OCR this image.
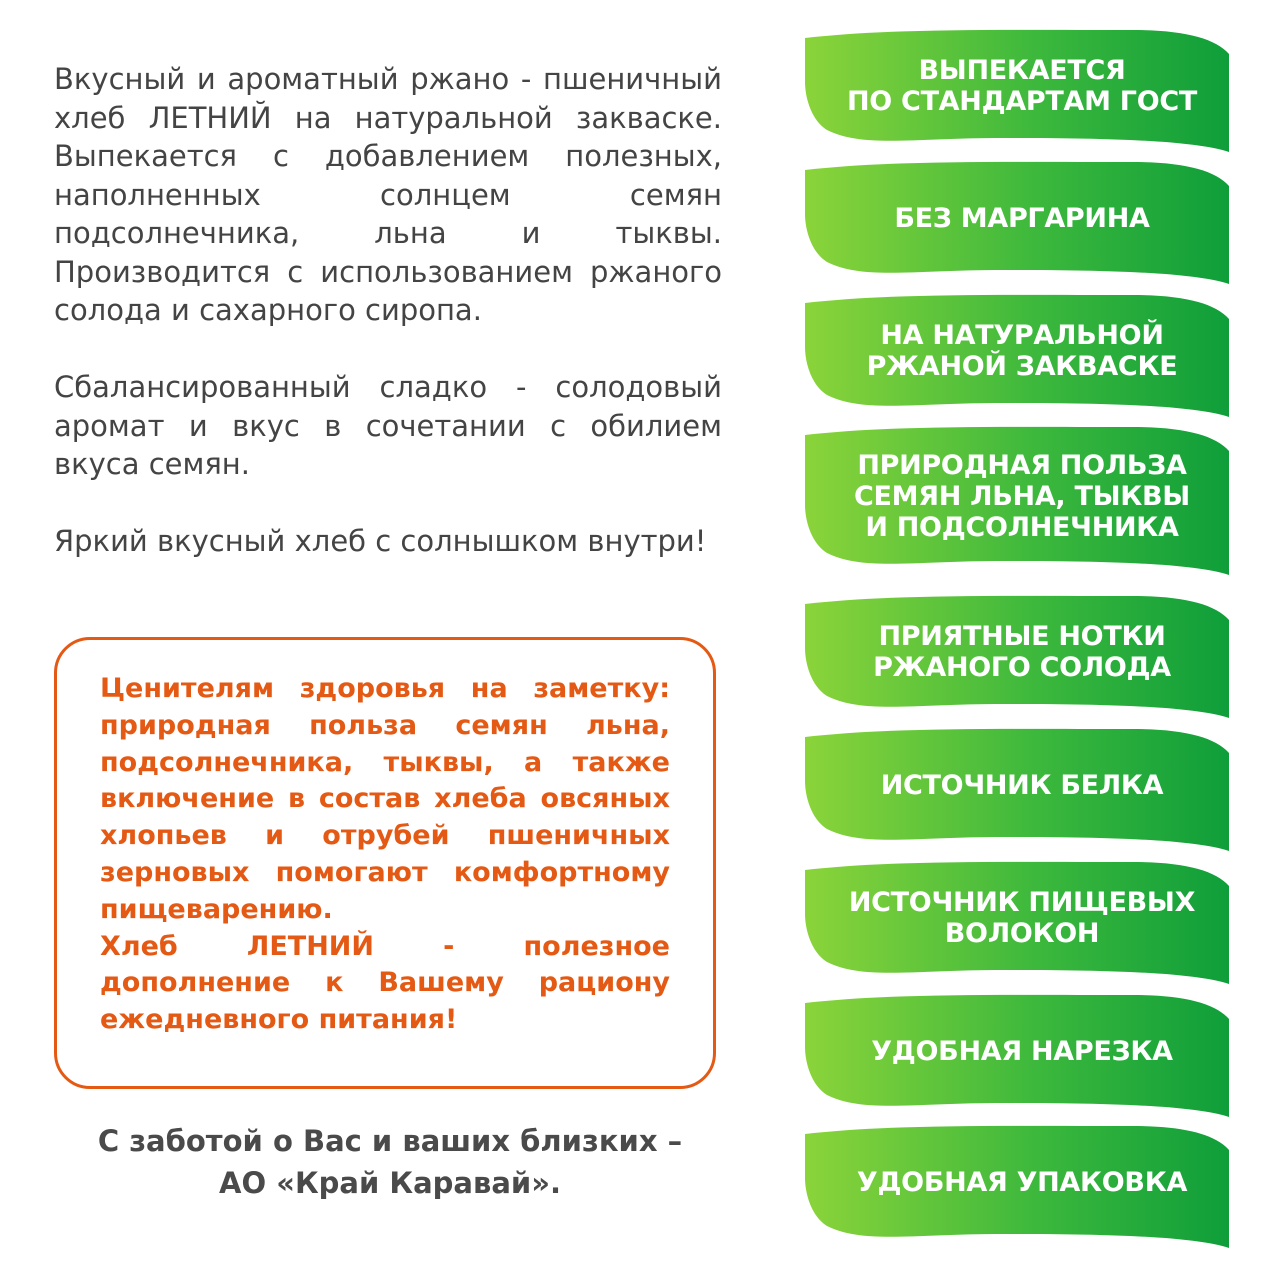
Вкусный и ароматный ржано - пшеничный хлеб ЛЕТНИЙ на натуральной закваске. Выпекается с добавлением полезных, наполненных солнцем семян подсолнечника, льна и тыквы. Производится с использованием ржаного солода и сахарного сиропа.

Сбалансированный сладко - солодовый аромат и вкус в сочетании с обилием вкуса семян.

Яркий вкусный хлеб с солнышком внутри!

Ценителям здоровья на заметку: природная польза семян льна, подсолнечника, тыквы, а также включение в состав хлеба овсяных хлопьев и отрубей пшеничных зерновых помогают комфортному пищеварению.
Хлеб ЛЕТНИЙ - полезное дополнение к Вашему рациону ежедневного питания!

С заботой о Вас и ваших близких –
АО «Край Каравай».

ВЫПЕКАЕТСЯ
ПО СТАНДАРТАМ ГОСТ
БЕЗ МАРГАРИНА
НА НАТУРАЛЬНОЙ
РЖАНОЙ ЗАКВАСКЕ
ПРИРОДНАЯ ПОЛЬЗА
СЕМЯН ЛЬНА, ТЫКВЫ
И ПОДСОЛНЕЧНИКА
ПРИЯТНЫЕ НОТКИ
РЖАНОГО СОЛОДА
ИСТОЧНИК БЕЛКА
ИСТОЧНИК ПИЩЕВЫХ
ВОЛОКОН
УДОБНАЯ НАРЕЗКА
УДОБНАЯ УПАКОВКА
